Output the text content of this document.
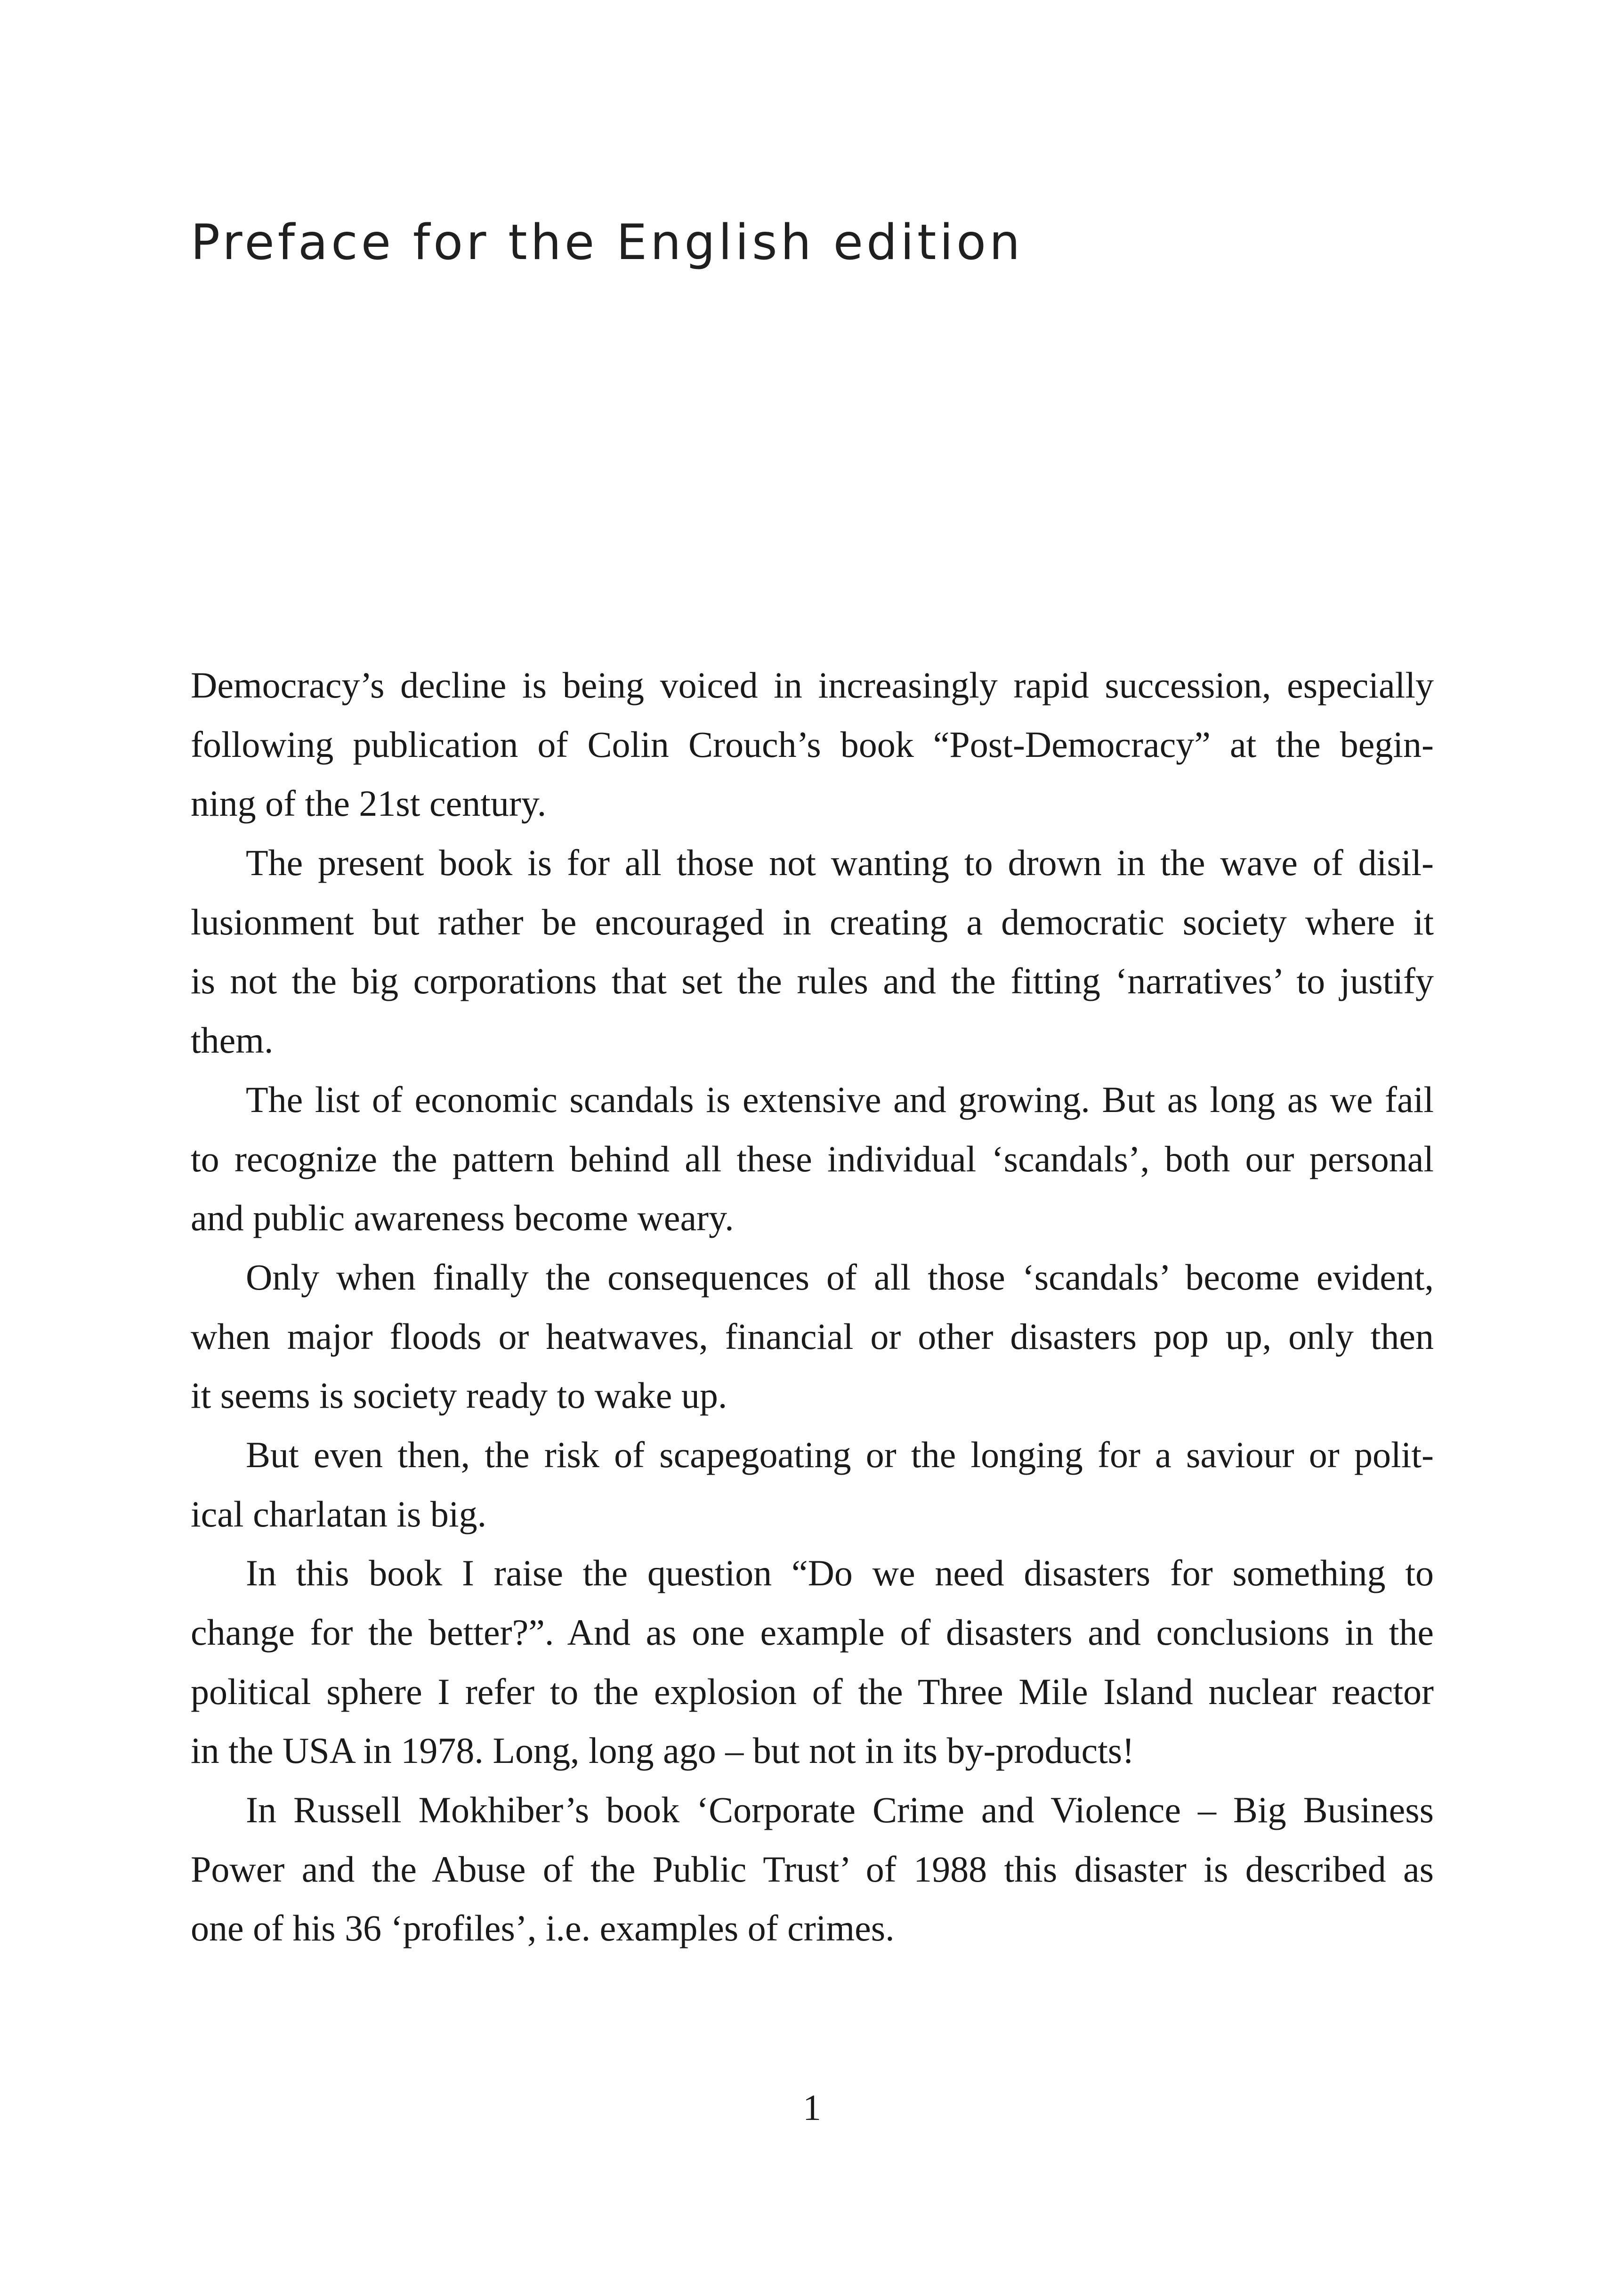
Preface for the English edition

Democracy’s decline is being voiced in increasingly rapid succession, especially
following publication of Colin Crouch’s book “Post-Democracy” at the begin-
ning of the 21st century.

The present book is for all those not wanting to drown in the wave of disil-
lusionment but rather be encouraged in creating a democratic society where it
is not the big corporations that set the rules and the fitting ‘narratives’ to justify
them.

The list of economic scandals is extensive and growing. But as long as we fail
to recognize the pattern behind all these individual ‘scandals’, both our personal
and public awareness become weary.

Only when finally the consequences of all those ‘scandals’ become evident,
when major floods or heatwaves, financial or other disasters pop up, only then
it seems is society ready to wake up.

But even then, the risk of scapegoating or the longing for a saviour or polit-
ical charlatan is big.

In this book I raise the question “Do we need disasters for something to
change for the better?”. And as one example of disasters and conclusions in the
political sphere I refer to the explosion of the Three Mile Island nuclear reactor
in the USA in 1978. Long, long ago – but not in its by-products!

In Russell Mokhiber’s book ‘Corporate Crime and Violence – Big Business
Power and the Abuse of the Public Trust’ of 1988 this disaster is described as
one of his 36 ‘profiles’, i.e. examples of crimes.

1
